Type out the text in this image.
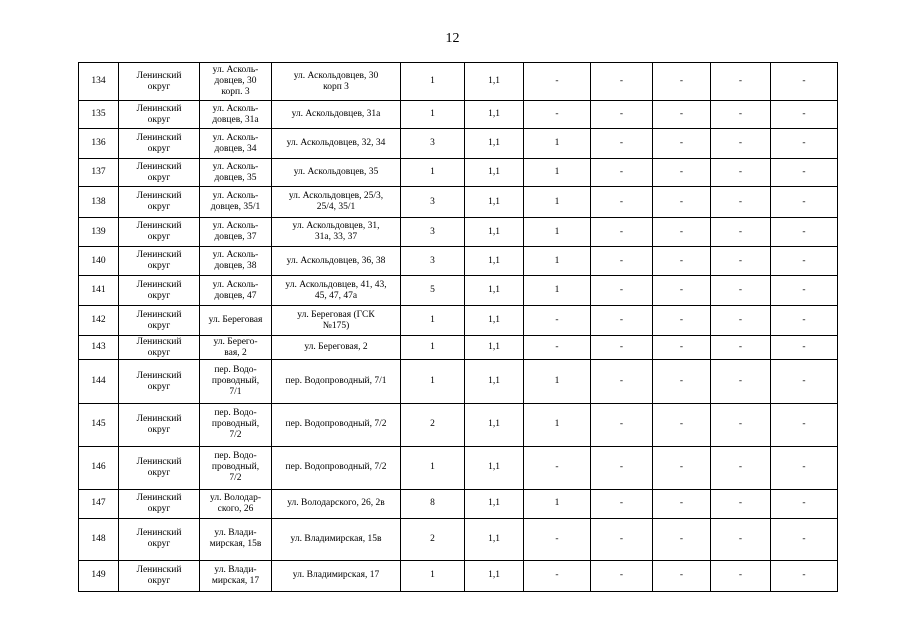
12
134	Ленинский
округ	ул. Асколь-
довцев, 30
корп. 3	ул. Аскольдовцев, 30
корп 3	1	1,1	-	-	-	-	-
135	Ленинский
округ	ул. Асколь-
довцев, 31а	ул. Аскольдовцев, 31а	1	1,1	-	-	-	-	-
136	Ленинский
округ	ул. Асколь-
довцев, 34	ул. Аскольдовцев, 32, 34	3	1,1	1	-	-	-	-
137	Ленинский
округ	ул. Асколь-
довцев, 35	ул. Аскольдовцев, 35	1	1,1	1	-	-	-	-
138	Ленинский
округ	ул. Асколь-
довцев, 35/1	ул. Аскольдовцев, 25/3,
25/4, 35/1	3	1,1	1	-	-	-	-
139	Ленинский
округ	ул. Асколь-
довцев, 37	ул. Аскольдовцев, 31,
31а, 33, 37	3	1,1	1	-	-	-	-
140	Ленинский
округ	ул. Асколь-
довцев, 38	ул. Аскольдовцев, 36, 38	3	1,1	1	-	-	-	-
141	Ленинский
округ	ул. Асколь-
довцев, 47	ул. Аскольдовцев, 41, 43,
45, 47, 47а	5	1,1	1	-	-	-	-
142	Ленинский
округ	ул. Береговая	ул. Береговая (ГСК
№175)	1	1,1	-	-	-	-	-
143	Ленинский
округ	ул. Берего-
вая, 2	ул. Береговая, 2	1	1,1	-	-	-	-	-
144	Ленинский
округ	пер. Водо-
проводный,
7/1	пер. Водопроводный, 7/1	1	1,1	1	-	-	-	-
145	Ленинский
округ	пер. Водо-
проводный,
7/2	пер. Водопроводный, 7/2	2	1,1	1	-	-	-	-
146	Ленинский
округ	пер. Водо-
проводный,
7/2	пер. Водопроводный, 7/2	1	1,1	-	-	-	-	-
147	Ленинский
округ	ул. Володар-
ского, 26	ул. Володарского, 26, 2в	8	1,1	1	-	-	-	-
148	Ленинский
округ	ул. Влади-
мирская, 15в	ул. Владимирская, 15в	2	1,1	-	-	-	-	-
149	Ленинский
округ	ул. Влади-
мирская, 17	ул. Владимирская, 17	1	1,1	-	-	-	-	-
